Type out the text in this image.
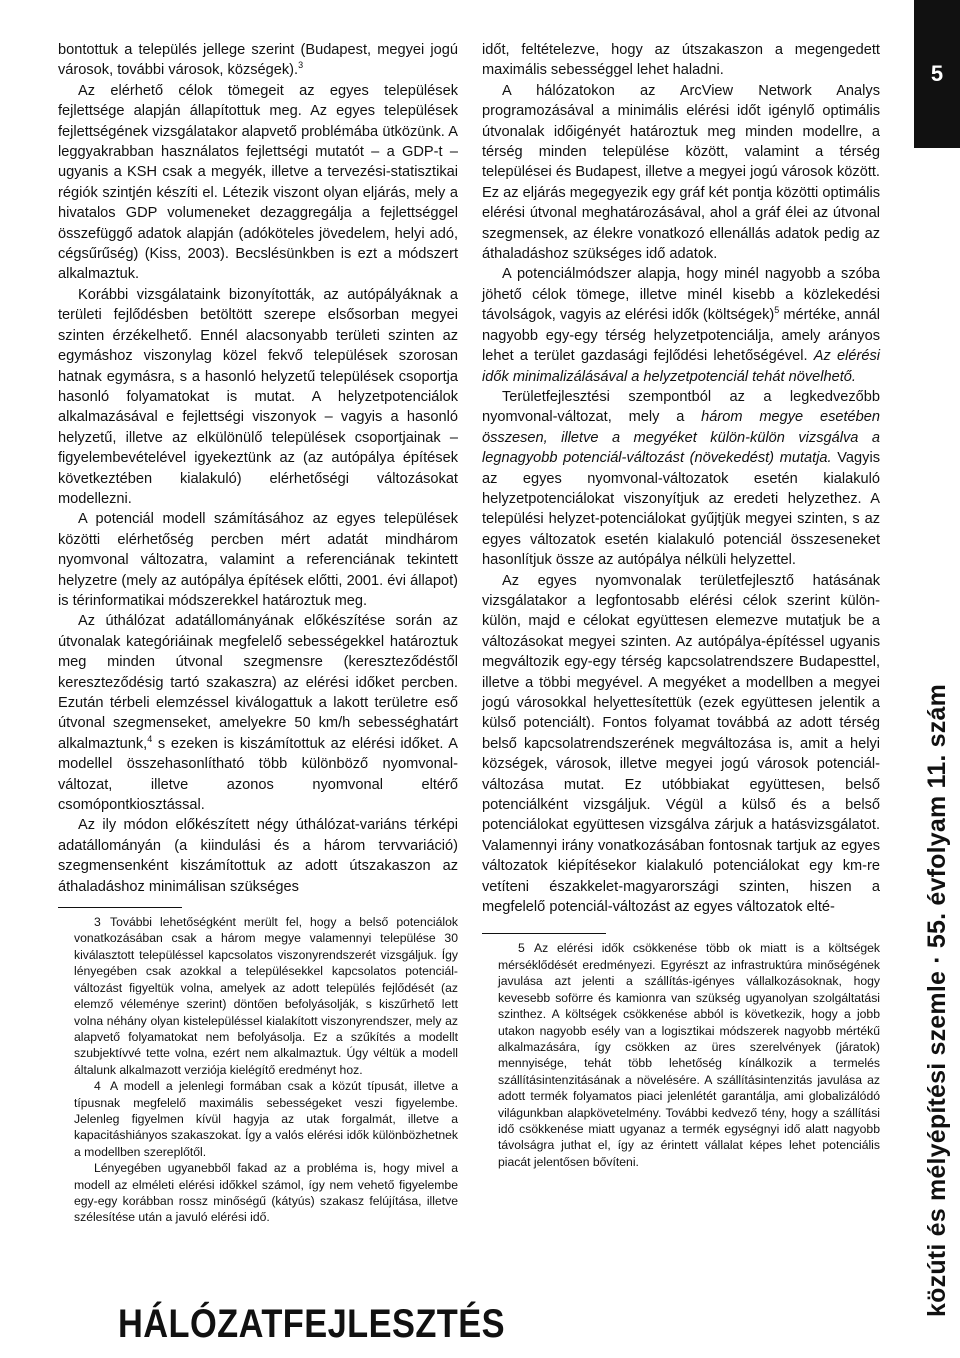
bontottuk a település jellege szerint (Budapest, megyei jogú városok, további városok, községek).$^3$

Az elérhető célok tömegeit az egyes települések fejlettsége alapján állapítottuk meg. Az egyes települések fejlettségének vizsgálatakor alapvető problémába ütközünk. A leggyakrabban használatos fejlettségi mutatót – a GDP-t – ugyanis a KSH csak a megyék, illetve a tervezési-statisztikai régiók szintjén készíti el. Létezik viszont olyan eljárás, mely a hivatalos GDP volumeneket dezaggregálja a fejlettséggel összefüggő adatok alapján (adóköteles jövedelem, helyi adó, cégsűrűség) (Kiss, 2003). Becslésünkben is ezt a módszert alkalmaztuk.

Korábbi vizsgálataink bizonyították, az autópályáknak a területi fejlődésben betöltött szerepe elsősorban megyei szinten érzékelhető. Ennél alacsonyabb területi szinten az egymáshoz viszonylag közel fekvő települések szorosan hatnak egymásra, s a hasonló helyzetű települések csoportja hasonló folyamatokat is mutat. A helyzetpotenciálok alkalmazásával e fejlettségi viszonyok – vagyis a hasonló helyzetű, illetve az elkülönülő települések csoportjainak – figyelembevételével igyekeztünk az (az autópálya építések következtében kialakuló) elérhetőségi változásokat modellezni.

A potenciál modell számításához az egyes települések közötti elérhetőség percben mért adatát mindhárom nyomvonal változatra, valamint a referenciának tekintett helyzetre (mely az autópálya építések előtti, 2001. évi állapot) is térinformatikai módszerekkel határoztuk meg.

Az úthálózat adatállományának előkészítése során az útvonalak kategóriáinak megfelelő sebességekkel határoztuk meg minden útvonal szegmensre (kereszteződéstől kereszteződésig tartó szakaszra) az elérési időket percben. Ezután térbeli elemzéssel kiválogattuk a lakott területre eső útvonal szegmenseket, amelyekre 50 km/h sebességhatárt alkalmaztunk,$^4$ s ezeken is kiszámítottuk az elérési időket. A modellel összehasonlítható több különböző nyomvonal-változat, illetve azonos nyomvonal eltérő csomópontkiosztással.

Az ily módon előkészített négy úthálózat-variáns térképi adatállományán (a kiindulási és a három tervvariáció) szegmensenként kiszámítottuk az adott útszakaszon az áthaladáshoz minimálisan szükséges

3 További lehetőségként merült fel, hogy a belső potenciálok vonatkozásában csak a három megye valamennyi települése 30 kiválasztott településsel kapcsolatos viszonyrendszerét vizsgáljuk. Így lényegében csak azokkal a településekkel kapcsolatos potenciál-változást figyeltük volna, amelyek az adott település fejlődését (az elemző véleménye szerint) döntően befolyásolják, s kiszűrhető lett volna néhány olyan kistelepüléssel kialakított viszonyrendszer, mely az alapvető folyamatokat nem befolyásolja. Ez a szűkítés a modellt szubjektívvé tette volna, ezért nem alkalmaztuk. Úgy véltük a modell általunk alkalmazott verziója kielégítő eredményt hoz.

4 A modell a jelenlegi formában csak a közút típusát, illetve a típusnak megfelelő maximális sebességeket veszi figyelembe. Jelenleg figyelmen kívül hagyja az utak forgalmát, illetve a kapacitáshiányos szakaszokat. Így a valós elérési idők különbözhetnek a modellben szereplőtől.

Lényegében ugyanebből fakad az a probléma is, hogy mivel a modell az elméleti elérési időkkel számol, így nem vehető figyelembe egy-egy korábban rossz minőségű (kátyús) szakasz felújítása, illetve szélesítése után a javuló elérési idő.

időt, feltételezve, hogy az útszakaszon a megengedett maximális sebességgel lehet haladni.

A hálózatokon az ArcView Network Analys programozásával a minimális elérési időt igénylő optimális útvonalak időigényét határoztuk meg minden modellre, a térség minden települése között, valamint a térség települései és Budapest, illetve a megyei jogú városok között. Ez az eljárás megegyezik egy gráf két pontja közötti optimális elérési útvonal meghatározásával, ahol a gráf élei az útvonal szegmensek, az élekre vonatkozó ellenállás adatok pedig az áthaladáshoz szükséges idő adatok.

A potenciálmódszer alapja, hogy minél nagyobb a szóba jöhető célok tömege, illetve minél kisebb a közlekedési távolságok, vagyis az elérési idők (költségek)$^5$ mértéke, annál nagyobb egy-egy térség helyzetpotenciálja, amely arányos lehet a terület gazdasági fejlődési lehetőségével. Az elérési idők minimalizálásával a helyzetpotenciál tehát növelhető.

Területfejlesztési szempontból az a legkedvezőbb nyomvonal-változat, mely a három megye esetében összesen, illetve a megyéket külön-külön vizsgálva a legnagyobb potenciál-változást (növekedést) mutatja. Vagyis az egyes nyomvonal-változatok esetén kialakuló helyzetpotenciálokat viszonyítjuk az eredeti helyzethez. A települési helyzet-potenciálokat gyűjtjük megyei szinten, s az egyes változatok esetén kialakuló potenciál összeseneket hasonlítjuk össze az autópálya nélküli helyzettel.

Az egyes nyomvonalak területfejlesztő hatásának vizsgálatakor a legfontosabb elérési célok szerint külön-külön, majd e célokat együttesen elemezve mutatjuk be a változásokat megyei szinten. Az autópálya-építéssel ugyanis megváltozik egy-egy térség kapcsolatrendszere Budapesttel, illetve a többi megyével. A megyéket a modellben a megyei jogú városokkal helyettesítettük (ezek együttesen jelentik a külső potenciált). Fontos folyamat továbbá az adott térség belső kapcsolatrendszerének megváltozása is, amit a helyi községek, városok, illetve megyei jogú városok potenciál-változása mutat. Ez utóbbiakat együttesen, belső potenciálként vizsgáljuk. Végül a külső és a belső potenciálokat együttesen vizsgálva zárjuk a hatásvizsgálatot. Valamennyi irány vonatkozásában fontosnak tartjuk az egyes változatok kiépítésekor kialakuló potenciálokat egy km-re vetíteni északkelet-magyarországi szinten, hiszen a megfelelő potenciál-változást az egyes változatok elté-

5 Az elérési idők csökkenése több ok miatt is a költségek mérséklődését eredményezi. Egyrészt az infrastruktúra minőségének javulása azt jelenti a szállítás-igényes vállalkozásoknak, hogy kevesebb soförre és kamionra van szükség ugyanolyan szolgáltatási szinthez. A költségek csökkenése abból is következik, hogy a jobb utakon nagyobb esély van a logisztikai módszerek nagyobb mértékű alkalmazására, így csökken az üres szerelvények (járatok) mennyisége, tehát több lehetőség kínálkozik a termelés szállításintenzitásának a növelésére. A szállításintenzitás javulása az adott termék folyamatos piaci jelenlétét garantálja, ami globalizálódó világunkban alapkövetelmény. További kedvező tény, hogy a szállítási idő csökkenése miatt ugyanaz a termék egységnyi idő alatt nagyobb távolságra juthat el, így az érintett vállalat képes lehet potenciális piacát jelentősen bővíteni.

5
közúti és mélyépítési szemle · 55. évfolyam 11. szám
HÁLÓZATFEJLESZTÉS
